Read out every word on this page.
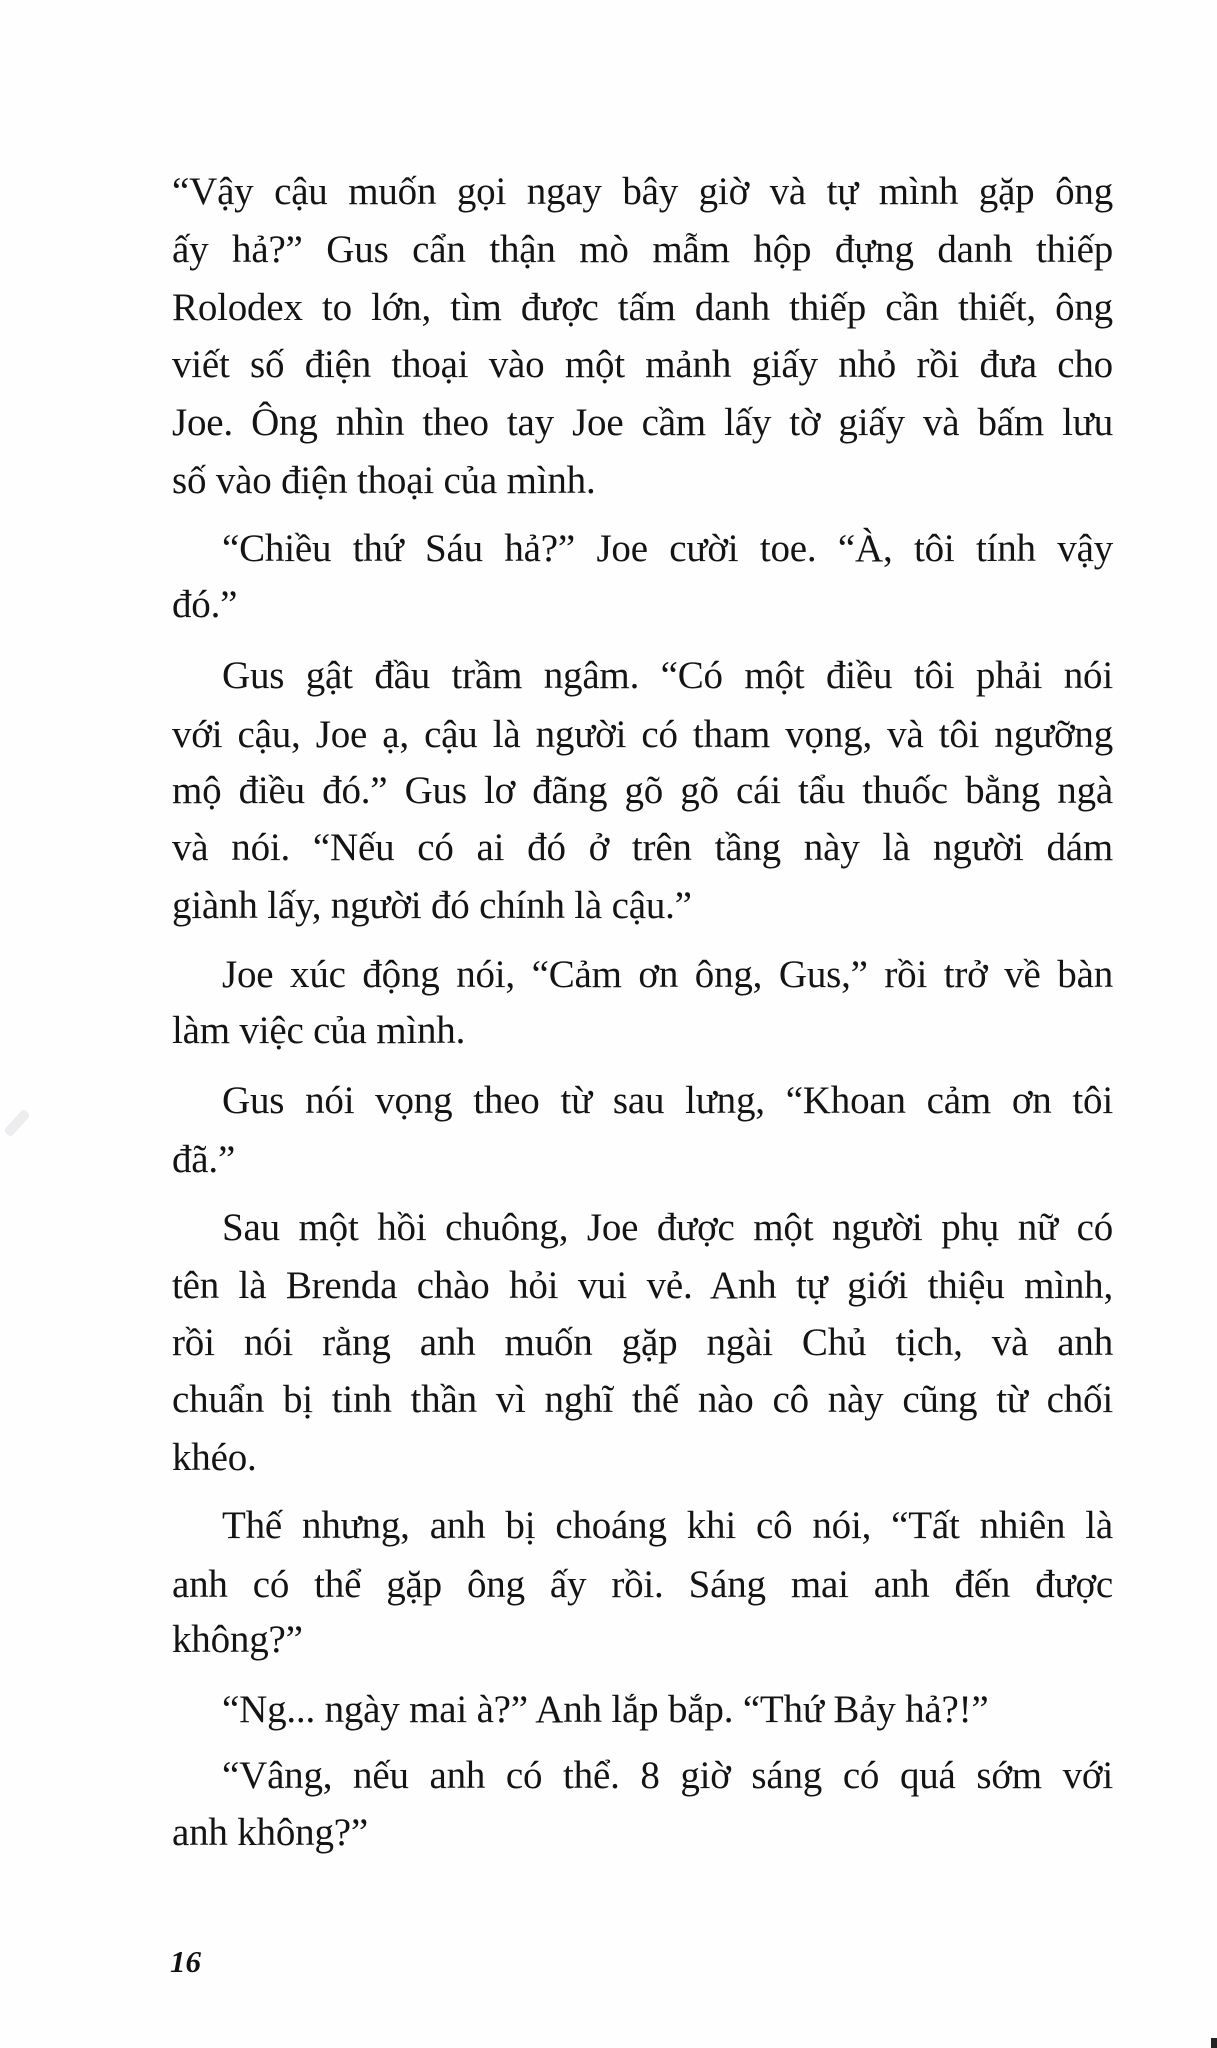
“Vậy cậu muốn gọi ngay bây giờ và tự mình gặp ông
ấy hả?” Gus cẩn thận mò mẫm hộp đựng danh thiếp
Rolodex to lớn, tìm được tấm danh thiếp cần thiết, ông
viết số điện thoại vào một mảnh giấy nhỏ rồi đưa cho
Joe. Ông nhìn theo tay Joe cầm lấy tờ giấy và bấm lưu
số vào điện thoại của mình.
“Chiều thứ Sáu hả?” Joe cười toe. “À, tôi tính vậy
đó.”
Gus gật đầu trầm ngâm. “Có một điều tôi phải nói
với cậu, Joe ạ, cậu là người có tham vọng, và tôi ngưỡng
mộ điều đó.” Gus lơ đãng gõ gõ cái tẩu thuốc bằng ngà
và nói. “Nếu có ai đó ở trên tầng này là người dám
giành lấy, người đó chính là cậu.”
Joe xúc động nói, “Cảm ơn ông, Gus,” rồi trở về bàn
làm việc của mình.
Gus nói vọng theo từ sau lưng, “Khoan cảm ơn tôi
đã.”
Sau một hồi chuông, Joe được một người phụ nữ có
tên là Brenda chào hỏi vui vẻ. Anh tự giới thiệu mình,
rồi nói rằng anh muốn gặp ngài Chủ tịch, và anh
chuẩn bị tinh thần vì nghĩ thế nào cô này cũng từ chối
khéo.
Thế nhưng, anh bị choáng khi cô nói, “Tất nhiên là
anh có thể gặp ông ấy rồi. Sáng mai anh đến được
không?”
“Ng... ngày mai à?” Anh lắp bắp. “Thứ Bảy hả?!”
“Vâng, nếu anh có thể. 8 giờ sáng có quá sớm với
anh không?”
16
